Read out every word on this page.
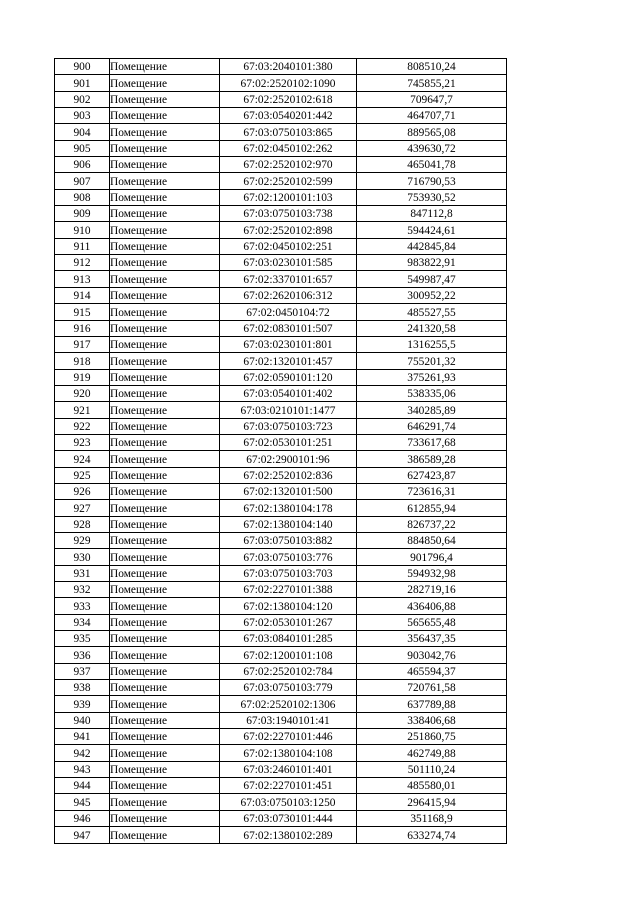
900	Помещение	67:03:2040101:380	808510,24
901	Помещение	67:02:2520102:1090	745855,21
902	Помещение	67:02:2520102:618	709647,7
903	Помещение	67:03:0540201:442	464707,71
904	Помещение	67:03:0750103:865	889565,08
905	Помещение	67:02:0450102:262	439630,72
906	Помещение	67:02:2520102:970	465041,78
907	Помещение	67:02:2520102:599	716790,53
908	Помещение	67:02:1200101:103	753930,52
909	Помещение	67:03:0750103:738	847112,8
910	Помещение	67:02:2520102:898	594424,61
911	Помещение	67:02:0450102:251	442845,84
912	Помещение	67:03:0230101:585	983822,91
913	Помещение	67:02:3370101:657	549987,47
914	Помещение	67:02:2620106:312	300952,22
915	Помещение	67:02:0450104:72	485527,55
916	Помещение	67:02:0830101:507	241320,58
917	Помещение	67:03:0230101:801	1316255,5
918	Помещение	67:02:1320101:457	755201,32
919	Помещение	67:02:0590101:120	375261,93
920	Помещение	67:03:0540101:402	538335,06
921	Помещение	67:03:0210101:1477	340285,89
922	Помещение	67:03:0750103:723	646291,74
923	Помещение	67:02:0530101:251	733617,68
924	Помещение	67:02:2900101:96	386589,28
925	Помещение	67:02:2520102:836	627423,87
926	Помещение	67:02:1320101:500	723616,31
927	Помещение	67:02:1380104:178	612855,94
928	Помещение	67:02:1380104:140	826737,22
929	Помещение	67:03:0750103:882	884850,64
930	Помещение	67:03:0750103:776	901796,4
931	Помещение	67:03:0750103:703	594932,98
932	Помещение	67:02:2270101:388	282719,16
933	Помещение	67:02:1380104:120	436406,88
934	Помещение	67:02:0530101:267	565655,48
935	Помещение	67:03:0840101:285	356437,35
936	Помещение	67:02:1200101:108	903042,76
937	Помещение	67:02:2520102:784	465594,37
938	Помещение	67:03:0750103:779	720761,58
939	Помещение	67:02:2520102:1306	637789,88
940	Помещение	67:03:1940101:41	338406,68
941	Помещение	67:02:2270101:446	251860,75
942	Помещение	67:02:1380104:108	462749,88
943	Помещение	67:03:2460101:401	501110,24
944	Помещение	67:02:2270101:451	485580,01
945	Помещение	67:03:0750103:1250	296415,94
946	Помещение	67:03:0730101:444	351168,9
947	Помещение	67:02:1380102:289	633274,74
